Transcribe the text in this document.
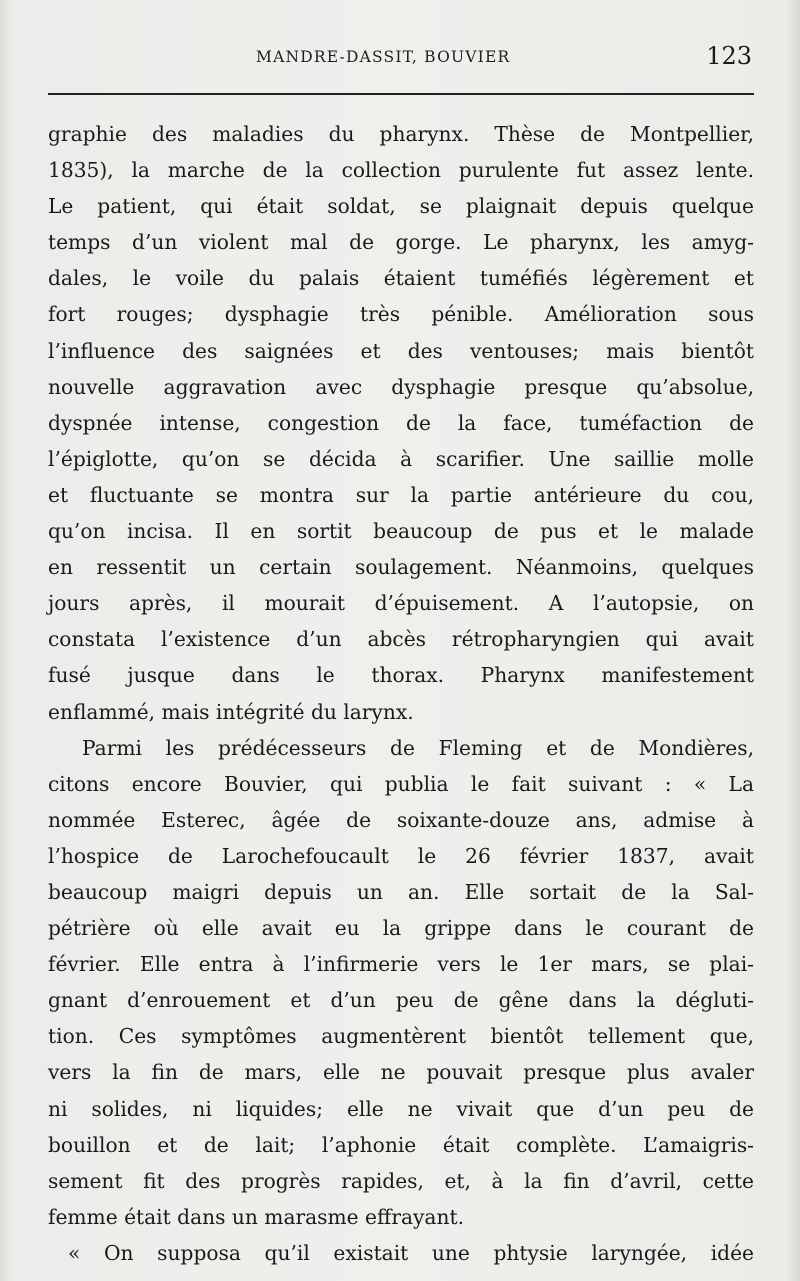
MANDRE-DASSIT, BOUVIER	123
graphie des maladies du pharynx. Thèse de Montpellier,
1835), la marche de la collection purulente fut assez lente.
Le patient, qui était soldat, se plaignait depuis quelque
temps d’un violent mal de gorge. Le pharynx, les amyg-
dales, le voile du palais étaient tuméfiés légèrement et
fort rouges; dysphagie très pénible. Amélioration sous
l’influence des saignées et des ventouses; mais bientôt
nouvelle aggravation avec dysphagie presque qu’absolue,
dyspnée intense, congestion de la face, tuméfaction de
l’épiglotte, qu’on se décida à scarifier. Une saillie molle
et fluctuante se montra sur la partie antérieure du cou,
qu’on incisa. Il en sortit beaucoup de pus et le malade
en ressentit un certain soulagement. Néanmoins, quelques
jours après, il mourait d’épuisement. A l’autopsie, on
constata l’existence d’un abcès rétropharyngien qui avait
fusé jusque dans le thorax. Pharynx manifestement
enflammé, mais intégrité du larynx.
Parmi les prédécesseurs de Fleming et de Mondières,
citons encore Bouvier, qui publia le fait suivant : « La
nommée Esterec, âgée de soixante-douze ans, admise à
l’hospice de Larochefoucault le 26 février 1837, avait
beaucoup maigri depuis un an. Elle sortait de la Sal-
pétrière où elle avait eu la grippe dans le courant de
février. Elle entra à l’infirmerie vers le 1er mars, se plai-
gnant d’enrouement et d’un peu de gêne dans la dégluti-
tion. Ces symptômes augmentèrent bientôt tellement que,
vers la fin de mars, elle ne pouvait presque plus avaler
ni solides, ni liquides; elle ne vivait que d’un peu de
bouillon et de lait; l’aphonie était complète. L’amaigris-
sement fit des progrès rapides, et, à la fin d’avril, cette
femme était dans un marasme effrayant.
« On supposa qu’il existait une phtysie laryngée, idée
